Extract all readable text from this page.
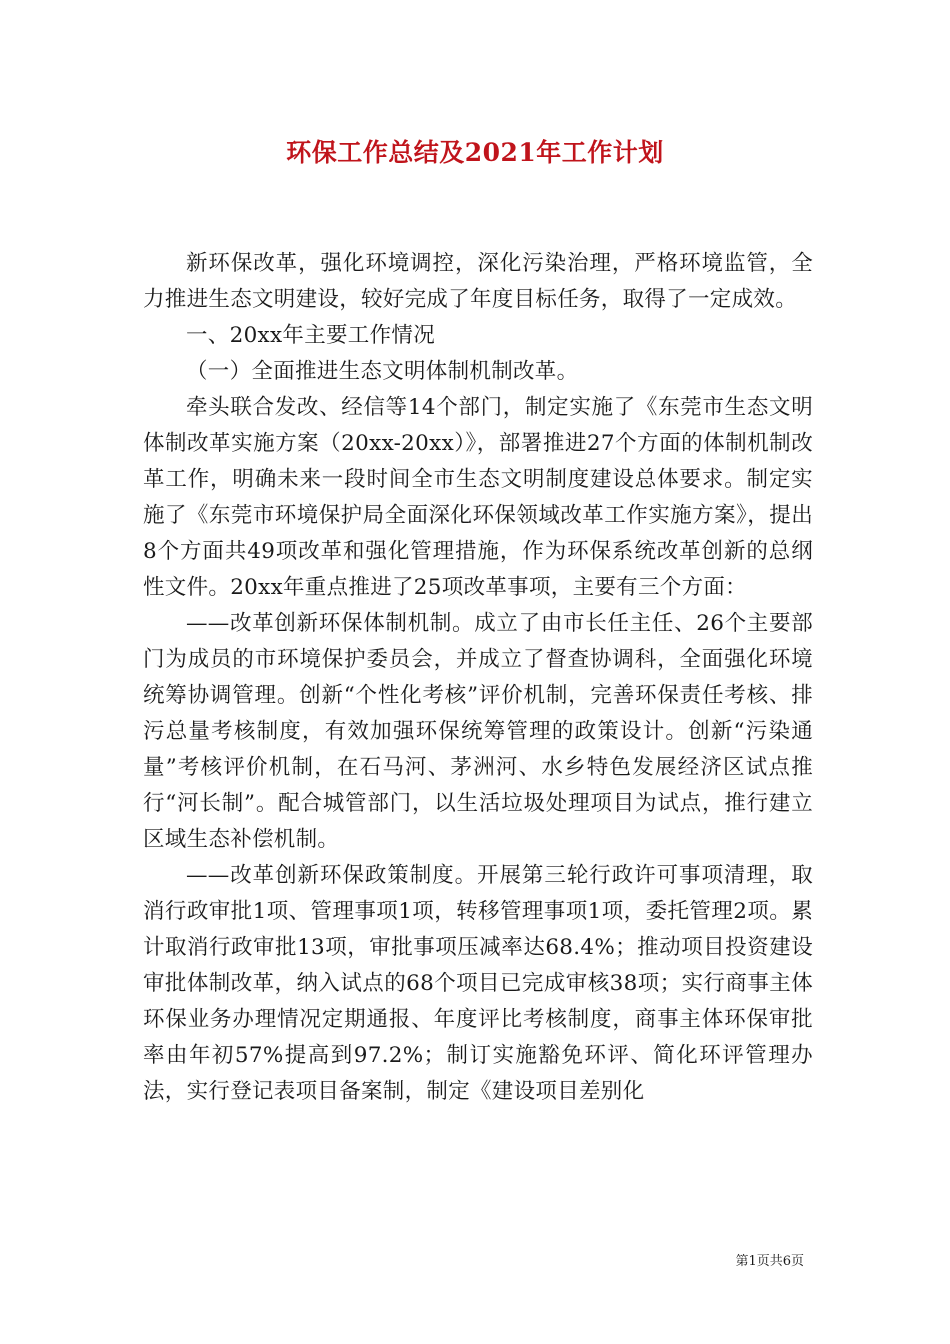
环保工作总结及2021年工作计划

新环保改革，强化环境调控，深化污染治理，严格环境监管，全力推进生态文明建设，较好完成了年度目标任务，取得了一定成效。

一、20xx年主要工作情况

（一）全面推进生态文明体制机制改革。

牵头联合发改、经信等14个部门，制定实施了《东莞市生态文明体制改革实施方案（20xx-20xx）》，部署推进27个方面的体制机制改革工作，明确未来一段时间全市生态文明制度建设总体要求。制定实施了《东莞市环境保护局全面深化环保领域改革工作实施方案》，提出8个方面共49项改革和强化管理措施，作为环保系统改革创新的总纲性文件。20xx年重点推进了25项改革事项，主要有三个方面：

——改革创新环保体制机制。成立了由市长任主任、26个主要部门为成员的市环境保护委员会，并成立了督查协调科，全面强化环境统筹协调管理。创新“个性化考核”评价机制，完善环保责任考核、排污总量考核制度，有效加强环保统筹管理的政策设计。创新“污染通量”考核评价机制，在石马河、茅洲河、水乡特色发展经济区试点推行“河长制”。配合城管部门，以生活垃圾处理项目为试点，推行建立区域生态补偿机制。

——改革创新环保政策制度。开展第三轮行政许可事项清理，取消行政审批1项、管理事项1项，转移管理事项1项，委托管理2项。累计取消行政审批13项，审批事项压减率达68.4%；推动项目投资建设审批体制改革，纳入试点的68个项目已完成审核38项；实行商事主体环保业务办理情况定期通报、年度评比考核制度，商事主体环保审批率由年初57%提高到97.2%；制订实施豁免环评、简化环评管理办法，实行登记表项目备案制，制定《建设项目差别化

第1页共6页
